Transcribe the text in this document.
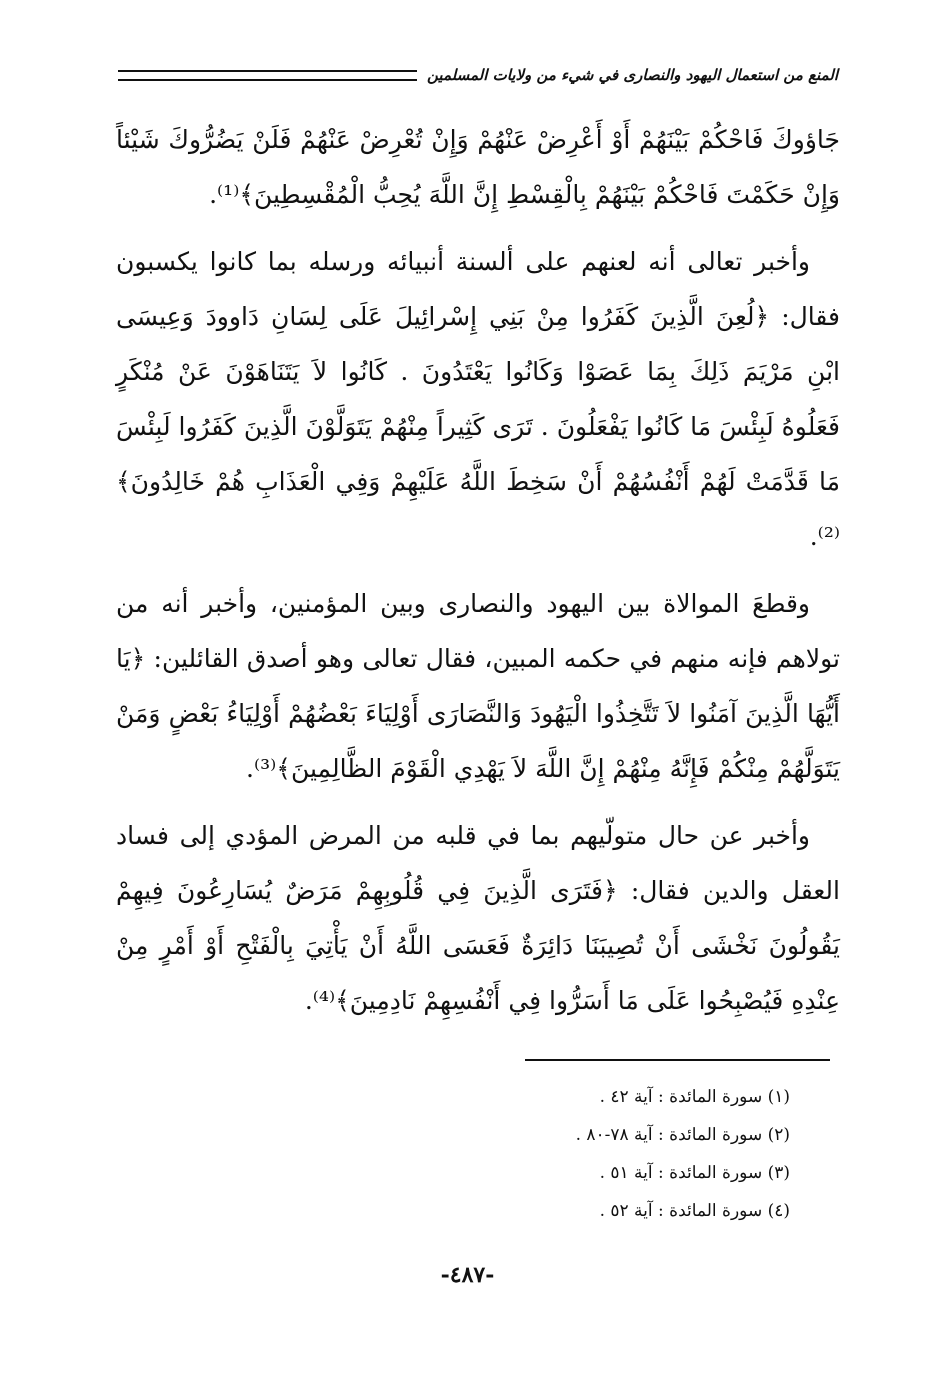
المنع من استعمال اليهود والنصارى في شيء من ولايات المسلمين

جَاؤوكَ فَاحْكُمْ بَيْنَهُمْ أَوْ أَعْرِضْ عَنْهُمْ وَإِنْ تُعْرِضْ عَنْهُمْ فَلَنْ يَضُرُّوكَ شَيْئاً وَإِنْ حَكَمْتَ فَاحْكُمْ بَيْنَهُمْ بِالْقِسْطِ إِنَّ اللَّهَ يُحِبُّ الْمُقْسِطِينَ﴾⁽¹⁾.

وأخبر تعالى أنه لعنهم على ألسنة أنبيائه ورسله بما كانوا يكسبون فقال: ﴿لُعِنَ الَّذِينَ كَفَرُوا مِنْ بَنِي إِسْرائِيلَ عَلَى لِسَانِ دَاوودَ وَعِيسَى ابْنِ مَرْيَمَ ذَلِكَ بِمَا عَصَوْا وَكَانُوا يَعْتَدُونَ . كَانُوا لاَ يَتَنَاهَوْنَ عَنْ مُنْكَرٍ فَعَلُوهُ لَبِئْسَ مَا كَانُوا يَفْعَلُونَ . تَرَى كَثِيراً مِنْهُمْ يَتَوَلَّوْنَ الَّذِينَ كَفَرُوا لَبِئْسَ مَا قَدَّمَتْ لَهُمْ أَنْفُسُهُمْ أَنْ سَخِطَ اللَّهُ عَلَيْهِمْ وَفِي الْعَذَابِ هُمْ خَالِدُونَ﴾⁽²⁾.

وقطعَ الموالاة بين اليهود والنصارى وبين المؤمنين، وأخبر أنه من تولاهم فإنه منهم في حكمه المبين، فقال تعالى وهو أصدق القائلين: ﴿يَا أَيُّهَا الَّذِينَ آمَنُوا لاَ تَتَّخِذُوا الْيَهُودَ وَالنَّصَارَى أَوْلِيَاءَ بَعْضُهُمْ أَوْلِيَاءُ بَعْضٍ وَمَنْ يَتَوَلَّهُمْ مِنْكُمْ فَإِنَّهُ مِنْهُمْ إِنَّ اللَّهَ لاَ يَهْدِي الْقَوْمَ الظَّالِمِينَ﴾⁽³⁾.

وأخبر عن حال متولّيهم بما في قلبه من المرض المؤدي إلى فساد العقل والدين فقال: ﴿فَتَرَى الَّذِينَ فِي قُلُوبِهِمْ مَرَضٌ يُسَارِعُونَ فِيهِمْ يَقُولُونَ نَخْشَى أَنْ تُصِيبَنَا دَائِرَةٌ فَعَسَى اللَّهُ أَنْ يَأْتِيَ بِالْفَتْحِ أَوْ أَمْرٍ مِنْ عِنْدِهِ فَيُصْبِحُوا عَلَى مَا أَسَرُّوا فِي أَنْفُسِهِمْ نَادِمِينَ﴾⁽⁴⁾.

(١) سورة المائدة : آية ٤٢ .
(٢) سورة المائدة : آية ٧٨-٨٠ .
(٣) سورة المائدة : آية ٥١ .
(٤) سورة المائدة : آية ٥٢ .
-٤٨٧-
